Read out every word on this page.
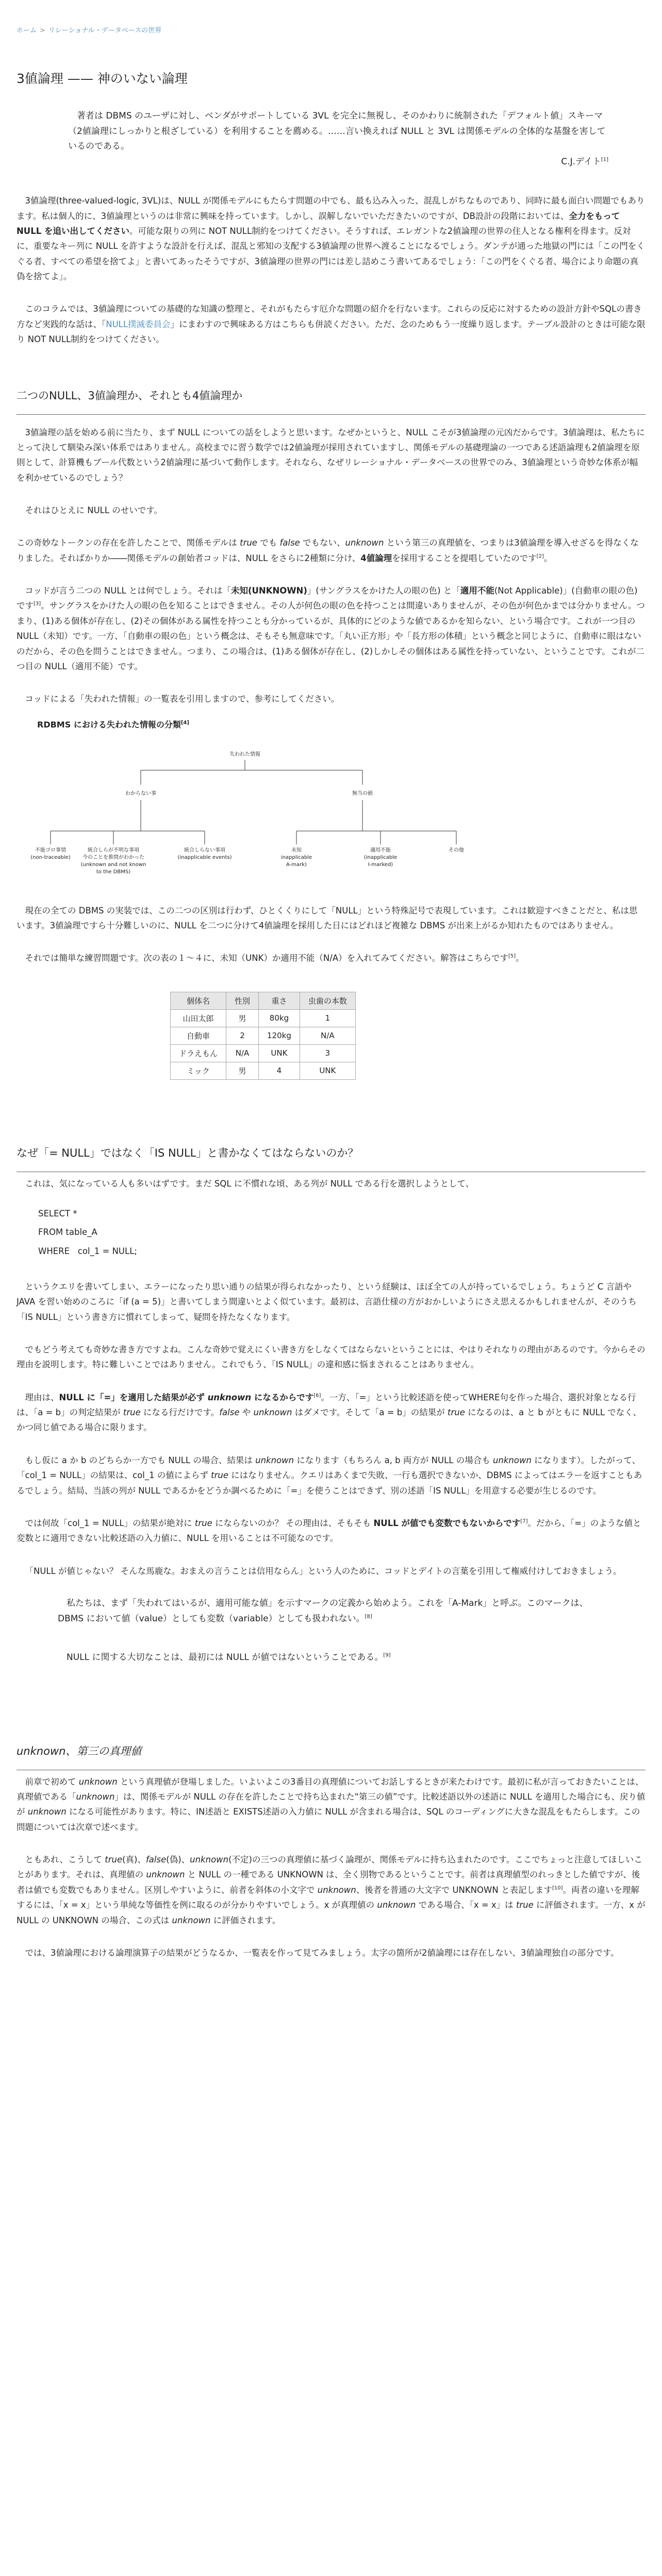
ホーム > リレーショナル・データベースの世界
3値論理 —— 神のいない論理
著者は DBMS のユーザに対し、ベンダがサポートしている 3VL を完全に無視し、そのかわりに統制された「デフォルト値」スキーマ（2値論理にしっかりと根ざしている）を利用することを薦める。……言い換えれば NULL と 3VL は関係モデルの全体的な基盤を害しているのである。
C.J.デイト[1]

3値論理(three-valued-logic, 3VL)は、NULL が関係モデルにもたらす問題の中でも、最も込み入った、混乱しがちなものであり、同時に最も面白い問題でもあります。私は個人的に、3値論理というのは非常に興味を持っています。しかし、誤解しないでいただきたいのですが、DB設計の段階においては、全力をもって NULL を追い出してください。可能な限りの列に NOT NULL制約をつけてください。そうすれば、エレガントな2値論理の世界の住人となる権利を得ます。反対に、重要なキー列に NULL を許すような設計を行えば、混乱と邪知の支配する3値論理の世界へ渡ることになるでしょう。ダンテが通った地獄の門には「この門をくぐる者、すべての希望を捨てよ」と書いてあったそうですが、3値論理の世界の門には差し詰めこう書いてあるでしょう：「この門をくぐる者、場合により命題の真偽を捨てよ」。

このコラムでは、3値論理についての基礎的な知識の整理と、それがもたらす厄介な問題の紹介を行ないます。これらの反応に対するための設計方針やSQLの書き方など実践的な話は、「NULL撲滅委員会」にまわすので興味ある方はこちらも併読ください。ただ、念のためもう一度繰り返します。テーブル設計のときは可能な限り NOT NULL制約をつけてください。

二つのNULL、3値論理か、それとも4値論理か

3値論理の話を始める前に当たり、まず NULL についての話をしようと思います。なぜかというと、NULL こそが3値論理の元凶だからです。3値論理は、私たちにとって決して馴染み深い体系ではありません。高校までに習う数学では2値論理が採用されていますし、関係モデルの基礎理論の一つである述語論理も2値論理を原則として、計算機もブール代数という2値論理に基づいて動作します。それなら、なぜリレーショナル・データベースの世界でのみ、3値論理という奇妙な体系が幅を利かせているのでしょう？

それはひとえに NULL のせいです。

この奇妙なトークンの存在を許したことで、関係モデルは true でも false でもない、unknown という第三の真理値を、つまりは3値論理を導入せざるを得なくなりました。そればかりか――関係モデルの創始者コッドは、NULL をさらに2種類に分け、4値論理を採用することを提唱していたのです[2]。

コッドが言う二つの NULL とは何でしょう。それは「未知(UNKNOWN)」(サングラスをかけた人の眼の色) と「適用不能(Not Applicable)」(自動車の眼の色) です[3]。サングラスをかけた人の眼の色を知ることはできません。その人が何色の眼の色を持つことは間違いありませんが、その色が何色かまでは分かりません。つまり、(1)ある個体が存在し、(2)その個体がある属性を持つことも分かっているが、具体的にどのような値であるかを知らない、という場合です。これが一つ目の NULL（未知）です。一方、「自動車の眼の色」という概念は、そもそも無意味です。「丸い正方形」や「長方形の体積」という概念と同じように、自動車に眼はないのだから、その色を問うことはできません。つまり、この場合は、(1)ある個体が存在し、(2)しかしその個体はある属性を持っていない、ということです。これが二つ目の NULL（適用不能）です。

コッドによる「失われた情報」の一覧表を引用しますので、参考にしてください。

RDBMS における失われた情報の分類[4]
失われた情報
わからない事	無当の値
不能ゴロ事情
(non-traceable)
統合しらが不明な事項
今のことを推問がわかった
(unknown and not known
to the DBMS)
統合しらない事項
(inapplicable events)
未知
inapplicable
A-mark)
適用不能
(inapplicable
I-marked)
その他

現在の全ての DBMS の実装では、この二つの区別は行わず、ひとくくりにして「NULL」という特殊記号で表現しています。これは歓迎すべきことだと、私は思います。3値論理ですら十分難しいのに、NULL を二つに分けて4値論理を採用した日にはどれほど複雑な DBMS が出来上がるか知れたものではありません。

それでは簡単な練習問題です。次の表の１〜４に、未知（UNK）か適用不能（N/A）を入れてみてください。解答はこちらです[5]。

個体名	性別	重さ	虫歯の本数
山田太郎	男	80kg	1
自動車	2	120kg	N/A
ドラえもん	N/A	UNK	3
ミック	男	4	UNK
なぜ「= NULL」ではなく「IS NULL」と書かなくてはならないのか？

これは、気になっている人も多いはずです。まだ SQL に不慣れな頃、ある列が NULL である行を選択しようとして、

SELECT *
FROM table_A
WHERE   col_1 = NULL;

というクエリを書いてしまい、エラーになったり思い通りの結果が得られなかったり、という経験は、ほぼ全ての人が持っているでしょう。ちょうど C 言語や JAVA を習い始めのころに「if (a = 5)」と書いてしまう間違いとよく似ています。最初は、言語仕様の方がおかしいようにさえ思えるかもしれませんが、そのうち「IS NULL」という書き方に慣れてしまって、疑問を持たなくなります。

でもどう考えても奇妙な書き方ですよね。こんな奇妙で覚えにくい書き方をしなくてはならないということには、やはりそれなりの理由があるのです。今からその理由を説明します。特に難しいことではありません。これでもう、「IS NULL」の違和感に悩まされることはありません。

理由は、NULL に「=」を適用した結果が必ず unknown になるからです[6]。一方、「=」という比較述語を使ってWHERE句を作った場合、選択対象となる行は、「a = b」の判定結果が true になる行だけです。false や unknown はダメです。そして「a = b」の結果が true になるのは、a と b がともに NULL でなく、かつ同じ値である場合に限ります。

もし仮に a か b のどちらか一方でも NULL の場合、結果は unknown になります（もちろん a, b 両方が NULL の場合も unknown になります）。したがって、「col_1 = NULL」の結果は、col_1 の値によらず true にはなりません。クエリはあくまで失敗、一行も選択できないか、DBMS によってはエラーを返すこともあるでしょう。結局、当該の列が NULL であるかをどうか調べるために「=」を使うことはできず、別の述語「IS NULL」を用意する必要が生じるのです。

では何故「col_1 = NULL」の結果が絶対に true にならないのか？ その理由は、そもそも NULL が値でも変数でもないからです[7]。だから、「=」のような値と変数とに適用できない比較述語の入力値に、NULL を用いることは不可能なのです。

「NULL が値じゃない？ そんな馬鹿な。おまえの言うことは信用ならん」という人のために、コッドとデイトの言葉を引用して権威付けしておきましょう。

私たちは、まず「失われてはいるが、適用可能な値」を示すマークの定義から始めよう。これを「A-Mark」と呼ぶ。このマークは、DBMS において値（value）としても変数（variable）としても扱われない。[8]
NULL に関する大切なことは、最初には NULL が値ではないということである。[9]
unknown、第三の真理値

前章で初めて unknown という真理値が登場しました。いよいよこの3番目の真理値についてお話しするときが来たわけです。最初に私が言っておきたいことは、真理値である「unknown」は、関係モデルが NULL の存在を許したことで持ち込まれた“第三の値”です。比較述語以外の述語に NULL を適用した場合にも、戻り値が unknown になる可能性があります。特に、IN述語と EXISTS述語の入力値に NULL が含まれる場合は、SQL のコーディングに大きな混乱をもたらします。この問題については次章で述べます。

ともあれ、こうして true(真)、false(偽)、unknown(不定)の三つの真理値に基づく論理が、関係モデルに持ち込まれたのです。ここでちょっと注意してほしいことがあります。それは、真理値の unknown と NULL の一種である UNKNOWN は、全く別物であるということです。前者は真理値型のれっきとした値ですが、後者は値でも変数でもありません。区別しやすいように、前者を斜体の小文字で unknown、後者を普通の大文字で UNKNOWN と表記します[10]。両者の違いを理解するには、「x = x」という単純な等価性を例に取るのが分かりやすいでしょう。x が真理値の unknown である場合、「x = x」は true に評価されます。一方、x が NULL の UNKNOWN の場合、この式は unknown に評価されます。

では、3値論理における論理演算子の結果がどうなるか、一覧表を作って見てみましょう。太字の箇所が2値論理には存在しない、3値論理独自の部分です。
